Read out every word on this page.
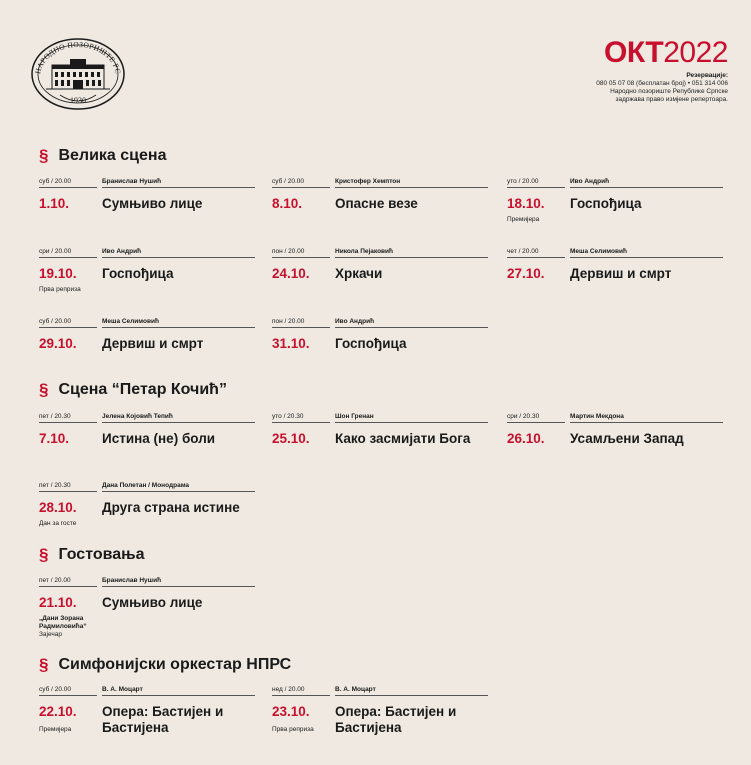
НАРОДНО ПОЗОРИШТЕ РС
1930
ОКТ2022
Резервације:
080 05 07 08 (бесплатан број) • 051 314 006
Народно позориште Републике Српске
задржава право измјене репертоара.
§ Велика сцена
суб / 20.00	Бранислав Нушић
1.10. Сумњиво лице
суб / 20.00	Кристофер Хемптон
8.10. Опасне везе
уто / 20.00	Иво Андрић
18.10. Госпођица
Премијера
сри / 20.00	Иво Андрић
19.10. Госпођица
Прва реприза
пон / 20.00	Никола Пејаковић
24.10. Хркачи
чет / 20.00	Меша Селимовић
27.10. Дервиш и смрт
суб / 20.00	Меша Селимовић
29.10. Дервиш и смрт
пон / 20.00	Иво Андрић
31.10. Госпођица
§ Сцена “Петар Кочић”
пет / 20.30	Јелена Којовић Тепић
7.10. Истина (не) боли
уто / 20.30	Шон Гренан
25.10. Како засмијати Бога
сри / 20.30	Мартин Мекдона
26.10. Усамљени Запад
пет / 20.30	Дана Полетан / Монодрама
28.10. Друга страна истине
Дан за госте
§ Гостовања
пет / 20.00	Бранислав Нушић
21.10. Сумњиво лице
„Дани Зорана Радмиловића“
Зајечар
§ Симфонијски оркестар НПРС
суб / 20.00	В. А. Моцарт
22.10. Опера: Бастијен и Бастијена
Премијера
нед / 20.00	В. А. Моцарт
23.10. Опера: Бастијен и Бастијена
Прва реприза
